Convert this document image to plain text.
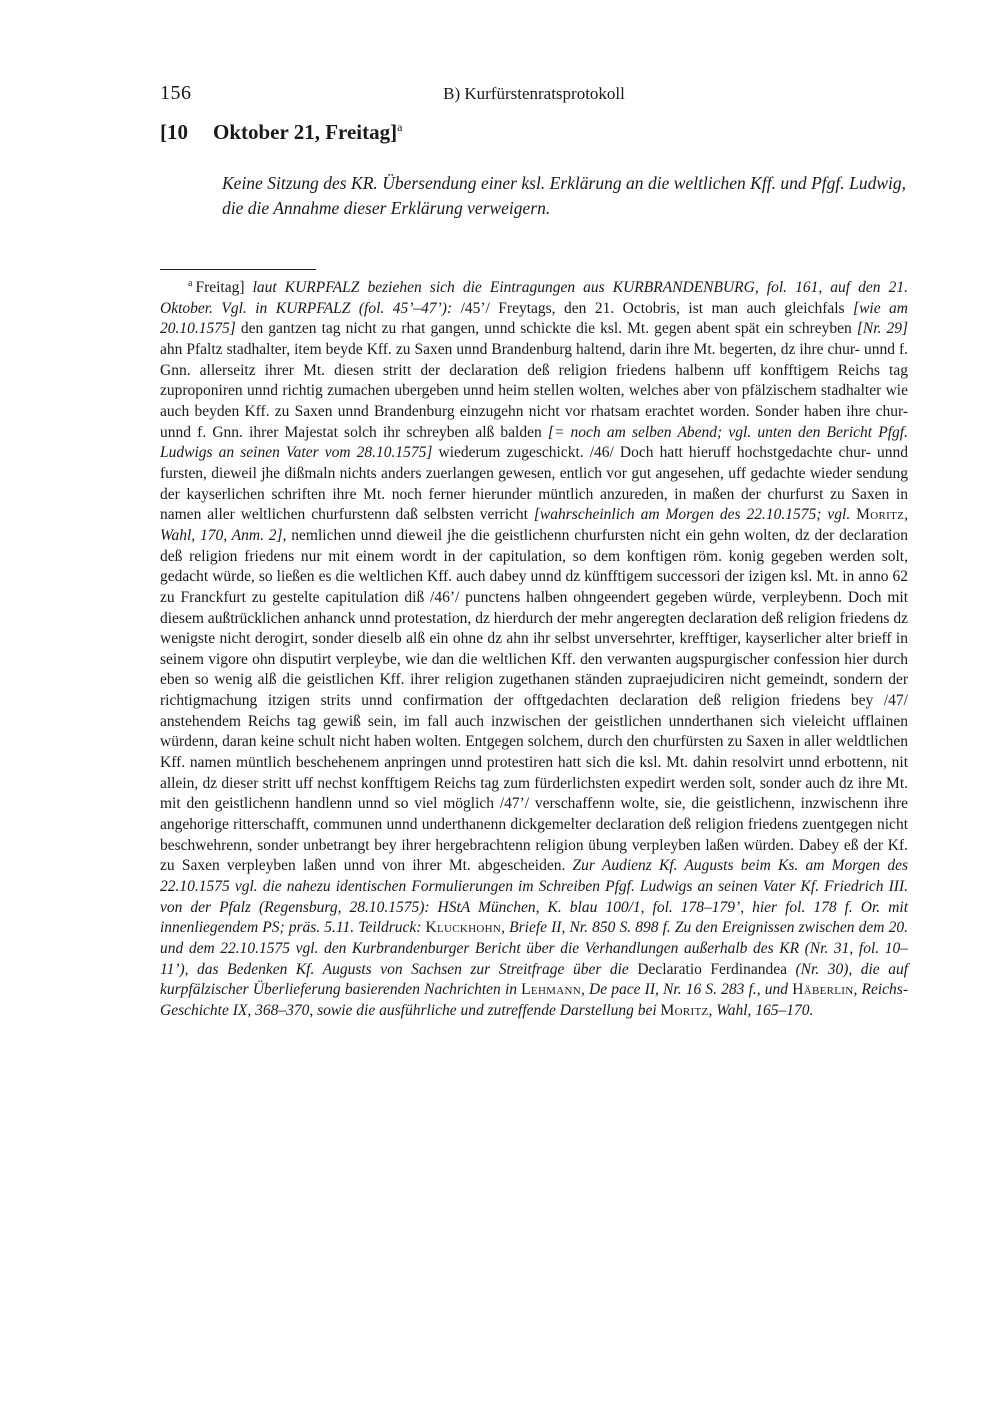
156	B) Kurfürstenratsprotokoll
[10 Oktober 21, Freitag]$^a$
Keine Sitzung des KR. Übersendung einer ksl. Erklärung an die weltlichen Kff. und Pfgf. Ludwig, die die Annahme dieser Erklärung verweigern.
$^a$ Freitag] laut KURPFALZ beziehen sich die Eintragungen aus KURBRANDENBURG, fol. 161, auf den 21. Oktober. Vgl. in KURPFALZ (fol. 45’–47’): /45’/ Freytags, den 21. Octobris, ist man auch gleichfals [wie am 20.10.1575] den gantzen tag nicht zu rhat gangen, unnd schickte die ksl. Mt. gegen abent spät ein schreyben [Nr. 29] ahn Pfaltz stadhalter, item beyde Kff. zu Saxen unnd Brandenburg haltend, darin ihre Mt. begerten, dz ihre chur- unnd f. Gnn. allerseitz ihrer Mt. diesen stritt der declaration deß religion friedens halbenn uff konfftigem Reichs tag zuproponiren unnd richtig zumachen ubergeben unnd heim stellen wolten, welches aber von pfälzischem stadhalter wie auch beyden Kff. zu Saxen unnd Brandenburg einzugehn nicht vor rhatsam erachtet worden. Sonder haben ihre chur- unnd f. Gnn. ihrer Majestat solch ihr schreyben alß balden [= noch am selben Abend; vgl. unten den Bericht Pfgf. Ludwigs an seinen Vater vom 28.10.1575] wiederum zugeschickt. /46/ Doch hatt hieruff hochstgedachte chur- unnd fursten, dieweil jhe dißmaln nichts anders zuerlangen gewesen, entlich vor gut angesehen, uff gedachte wieder sendung der kayserlichen schriften ihre Mt. noch ferner hierunder müntlich anzureden, in maßen der churfurst zu Saxen in namen aller weltlichen churfurstenn daß selbsten verricht [wahrscheinlich am Morgen des 22.10.1575; vgl. Moritz, Wahl, 170, Anm. 2], nemlichen unnd dieweil jhe die geistlichenn churfursten nicht ein gehn wolten, dz der declaration deß religion friedens nur mit einem wordt in der capitulation, so dem konftigen röm. konig gegeben werden solt, gedacht würde, so ließen es die weltlichen Kff. auch dabey unnd dz künfftigem successori der izigen ksl. Mt. in anno 62 zu Franckfurt zu gestelte capitulation diß /46’/ punctens halben ohngeendert gegeben würde, verpleybenn. Doch mit diesem außtrücklichen anhanck unnd protestation, dz hierdurch der mehr angeregten declaration deß religion friedens dz wenigste nicht derogirt, sonder dieselb alß ein ohne dz ahn ihr selbst unversehrter, krefftiger, kayserlicher alter brieff in seinem vigore ohn disputirt verpleybe, wie dan die weltlichen Kff. den verwanten augspurgischer confession hier durch eben so wenig alß die geistlichen Kff. ihrer religion zugethanen ständen zupraejudiciren nicht gemeindt, sondern der richtigmachung itzigen strits unnd confirmation der offtgedachten declaration deß religion friedens bey /47/ anstehendem Reichs tag gewiß sein, im fall auch inzwischen der geistlichen unnderthanen sich vieleicht ufflainen würdenn, daran keine schult nicht haben wolten. Entgegen solchem, durch den churfürsten zu Saxen in aller weldtlichen Kff. namen müntlich beschehenem anpringen unnd protestiren hatt sich die ksl. Mt. dahin resolvirt unnd erbottenn, nit allein, dz dieser stritt uff nechst konfftigem Reichs tag zum fürderlichsten expedirt werden solt, sonder auch dz ihre Mt. mit den geistlichenn handlenn unnd so viel möglich /47’/ verschaffenn wolte, sie, die geistlichenn, inzwischenn ihre angehorige ritterschafft, communen unnd underthanenn dickgemelter declaration deß religion friedens zuentgegen nicht beschwehrenn, sonder unbetrangt bey ihrer hergebrachtenn religion übung verpleyben laßen würden. Dabey eß der Kf. zu Saxen verpleyben laßen unnd von ihrer Mt. abgescheiden. Zur Audienz Kf. Augusts beim Ks. am Morgen des 22.10.1575 vgl. die nahezu identischen Formulierungen im Schreiben Pfgf. Ludwigs an seinen Vater Kf. Friedrich III. von der Pfalz (Regensburg, 28.10.1575): HStA München, K. blau 100/1, fol. 178–179’, hier fol. 178 f. Or. mit innenliegendem PS; präs. 5.11. Teildruck: Kluckhohn, Briefe II, Nr. 850 S. 898 f. Zu den Ereignissen zwischen dem 20. und dem 22.10.1575 vgl. den Kurbrandenburger Bericht über die Verhandlungen außerhalb des KR (Nr. 31, fol. 10–11’), das Bedenken Kf. Augusts von Sachsen zur Streitfrage über die Declaratio Ferdinandea (Nr. 30), die auf kurpfälzischer Überlieferung basierenden Nachrichten in Lehmann, De pace II, Nr. 16 S. 283 f., und Häberlin, Reichs-Geschichte IX, 368–370, sowie die ausführliche und zutreffende Darstellung bei Moritz, Wahl, 165–170.
